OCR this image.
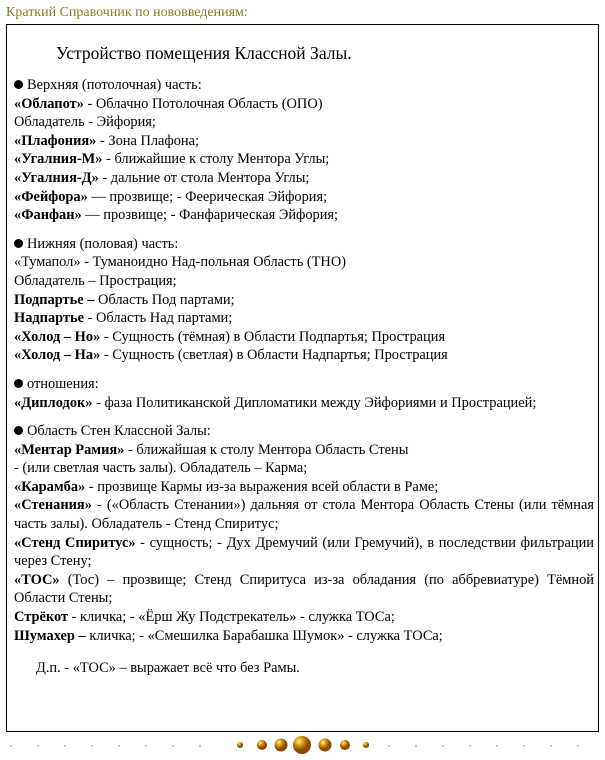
Краткий Справочник по нововведениям:
Устройство помещения Классной Залы.
Верхняя (потолочная) часть:
«Облапот» - Облачно Потолочная Область (ОПО)
Обладатель - Эйфория;
«Плафония» - Зона Плафона;
«Угалния-М» - ближайшие к столу Ментора Углы;
«Угалния-Д» - дальние от стола Ментора Углы;
«Фейфора» — прозвище; - Феерическая Эйфория;
«Фанфан» — прозвище; - Фанфарическая Эйфория;
Нижняя (половая) часть:
«Тумапол» - Туманоидно Над-польная Область (ТНО)
Обладатель – Прострация;
Подпартье – Область Под партами;
Надпартье - Область Над партами;
«Холод – Но» - Сущность (тёмная) в Области Подпартья; Прострация
«Холод – На» - Сущность (светлая) в Области Надпартья; Прострация
отношения:
«Диплодок» - фаза Политиканской Дипломатики между Эйфориями и Прострацией;
Область Стен Классной Залы:
«Ментар Рамия» - ближайшая к столу Ментора Область Стены
- (или светлая часть залы). Обладатель – Карма;
«Карамба» - прозвище Кармы из-за выражения всей области в Раме;
«Стенания» - («Область Стенании») дальняя от стола Ментора Область Стены (или тёмная часть залы). Обладатель - Стенд Спиритус;
«Стенд Спиритус» - сущность; - Дух Дремучий (или Гремучий), в последствии фильтрации через Стену;
«ТОС» (Тос) – прозвище; Стенд Спиритуса из-за обладания (по аббревиатуре) Тёмной Области Стены;
Стрёкот - кличка; - «Ёрш Жу Подстрекатель» - служка ТОСа;
Шумахер – кличка; - «Смешилка Барабашка Шумок» - служка ТОСа;
Д.п. - «ТОС» – выражает всё что без Рамы.
